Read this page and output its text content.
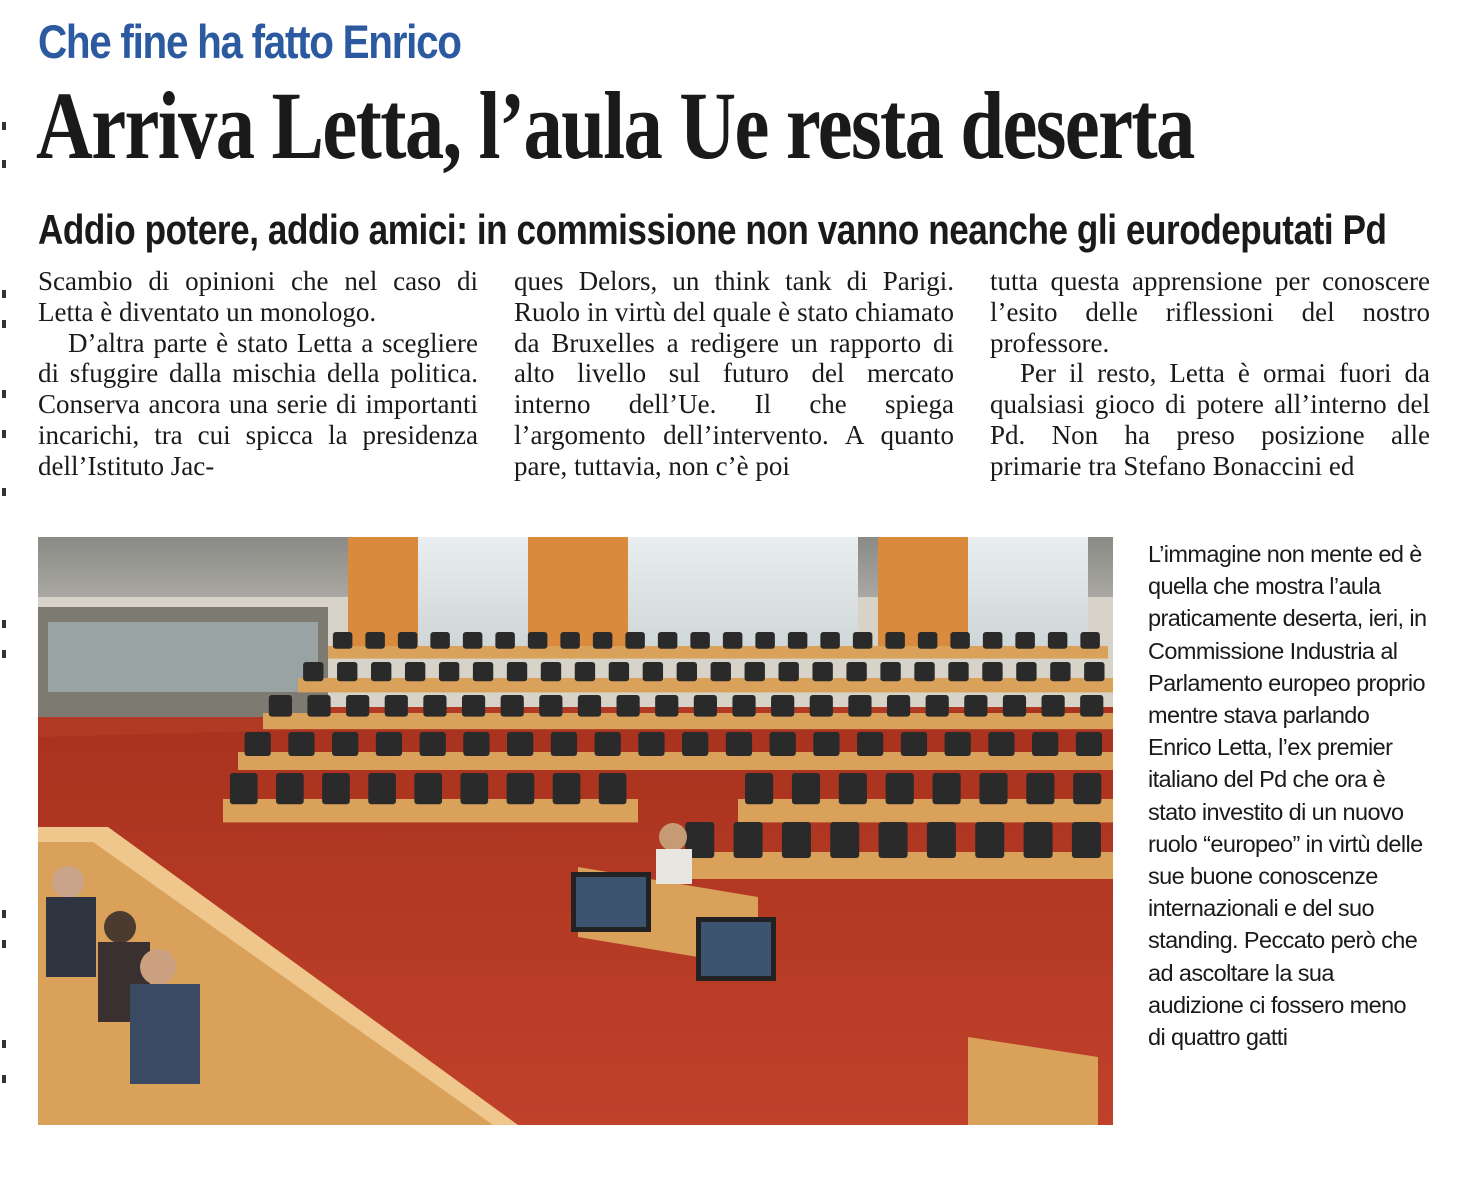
Che fine ha fatto Enrico
Arriva Letta, l’aula Ue resta deserta
Addio potere, addio amici: in commissione non vanno neanche gli eurodeputati Pd

Scambio di opinioni che nel caso di Letta è diventato un monologo.

D’altra parte è stato Letta a scegliere di sfuggire dalla mischia della politica. Conserva ancora una serie di importanti incarichi, tra cui spicca la presidenza dell’Istituto Jac-

ques Delors, un think tank di Parigi. Ruolo in virtù del quale è stato chiamato da Bruxelles a redigere un rapporto di alto livello sul futuro del mercato interno dell’Ue. Il che spiega l’argomento dell’intervento. A quanto pare, tuttavia, non c’è poi

tutta questa apprensione per conoscere l’esito delle riflessioni del nostro professore.

Per il resto, Letta è ormai fuori da qualsiasi gioco di potere all’interno del Pd. Non ha preso posizione alle primarie tra Stefano Bonaccini ed

L’immagine non mente ed è quella che mostra l’aula praticamente deserta, ieri, in Commissione Industria al Parlamento europeo proprio mentre stava parlando Enrico Letta, l’ex premier italiano del Pd che ora è stato investito di un nuovo ruolo “europeo” in virtù delle sue buone conoscenze internazionali e del suo standing. Peccato però che ad ascoltare la sua audizione ci fossero meno di quattro gatti
